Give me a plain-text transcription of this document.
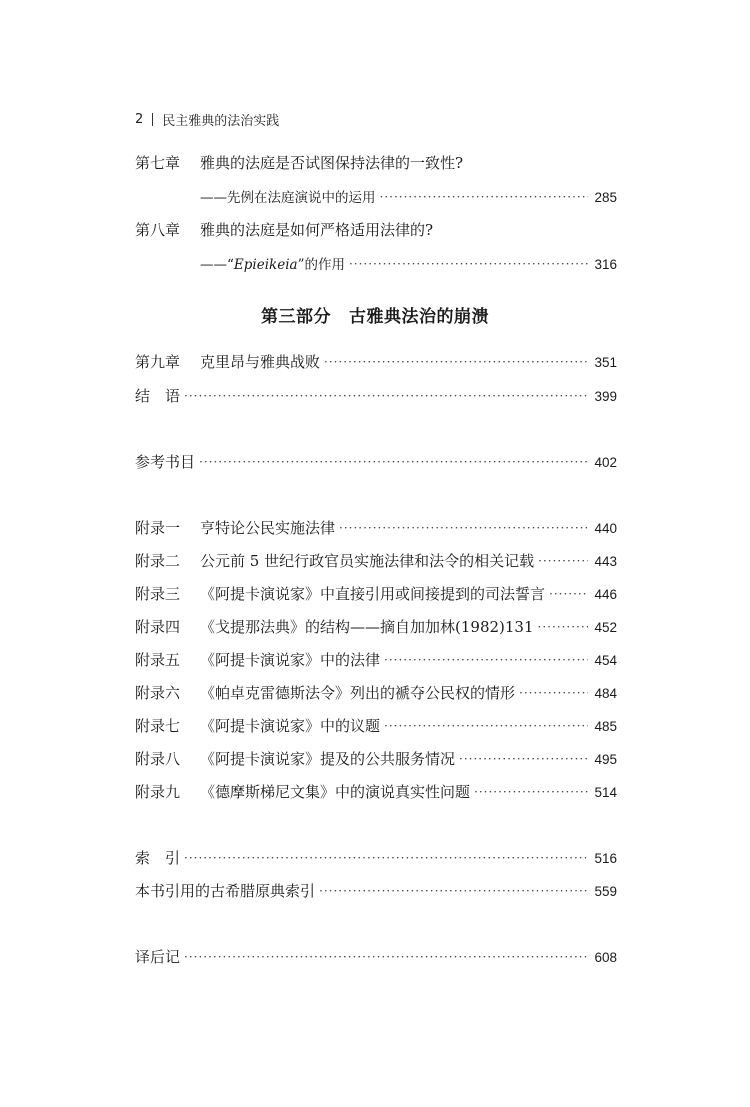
2 民主雅典的法治实践
第七章	雅典的法庭是否试图保持法律的一致性?
——先例在法庭演说中的运用 ·····	285
第八章	雅典的法庭是如何严格适用法律的?
——“Epieikeia”的作用 ·····	316
第三部分 古雅典法治的崩溃
第九章	克里昂与雅典战败 ·····	351
结　语 ·····	399
参考书目 ·····	402
附录一	亨特论公民实施法律 ·····	440
附录二	公元前 5 世纪行政官员实施法律和法令的相关记载 ·····	443
附录三	《阿提卡演说家》中直接引用或间接提到的司法誓言 ·····	446
附录四	《戈提那法典》的结构——摘自加加林(1982)131 ·····	452
附录五	《阿提卡演说家》中的法律 ·····	454
附录六	《帕卓克雷德斯法令》列出的褫夺公民权的情形 ·····	484
附录七	《阿提卡演说家》中的议题 ·····	485
附录八	《阿提卡演说家》提及的公共服务情况 ·····	495
附录九	《德摩斯梯尼文集》中的演说真实性问题 ·····	514
索　引 ·····	516
本书引用的古希腊原典索引 ·····	559
译后记 ·····	608
